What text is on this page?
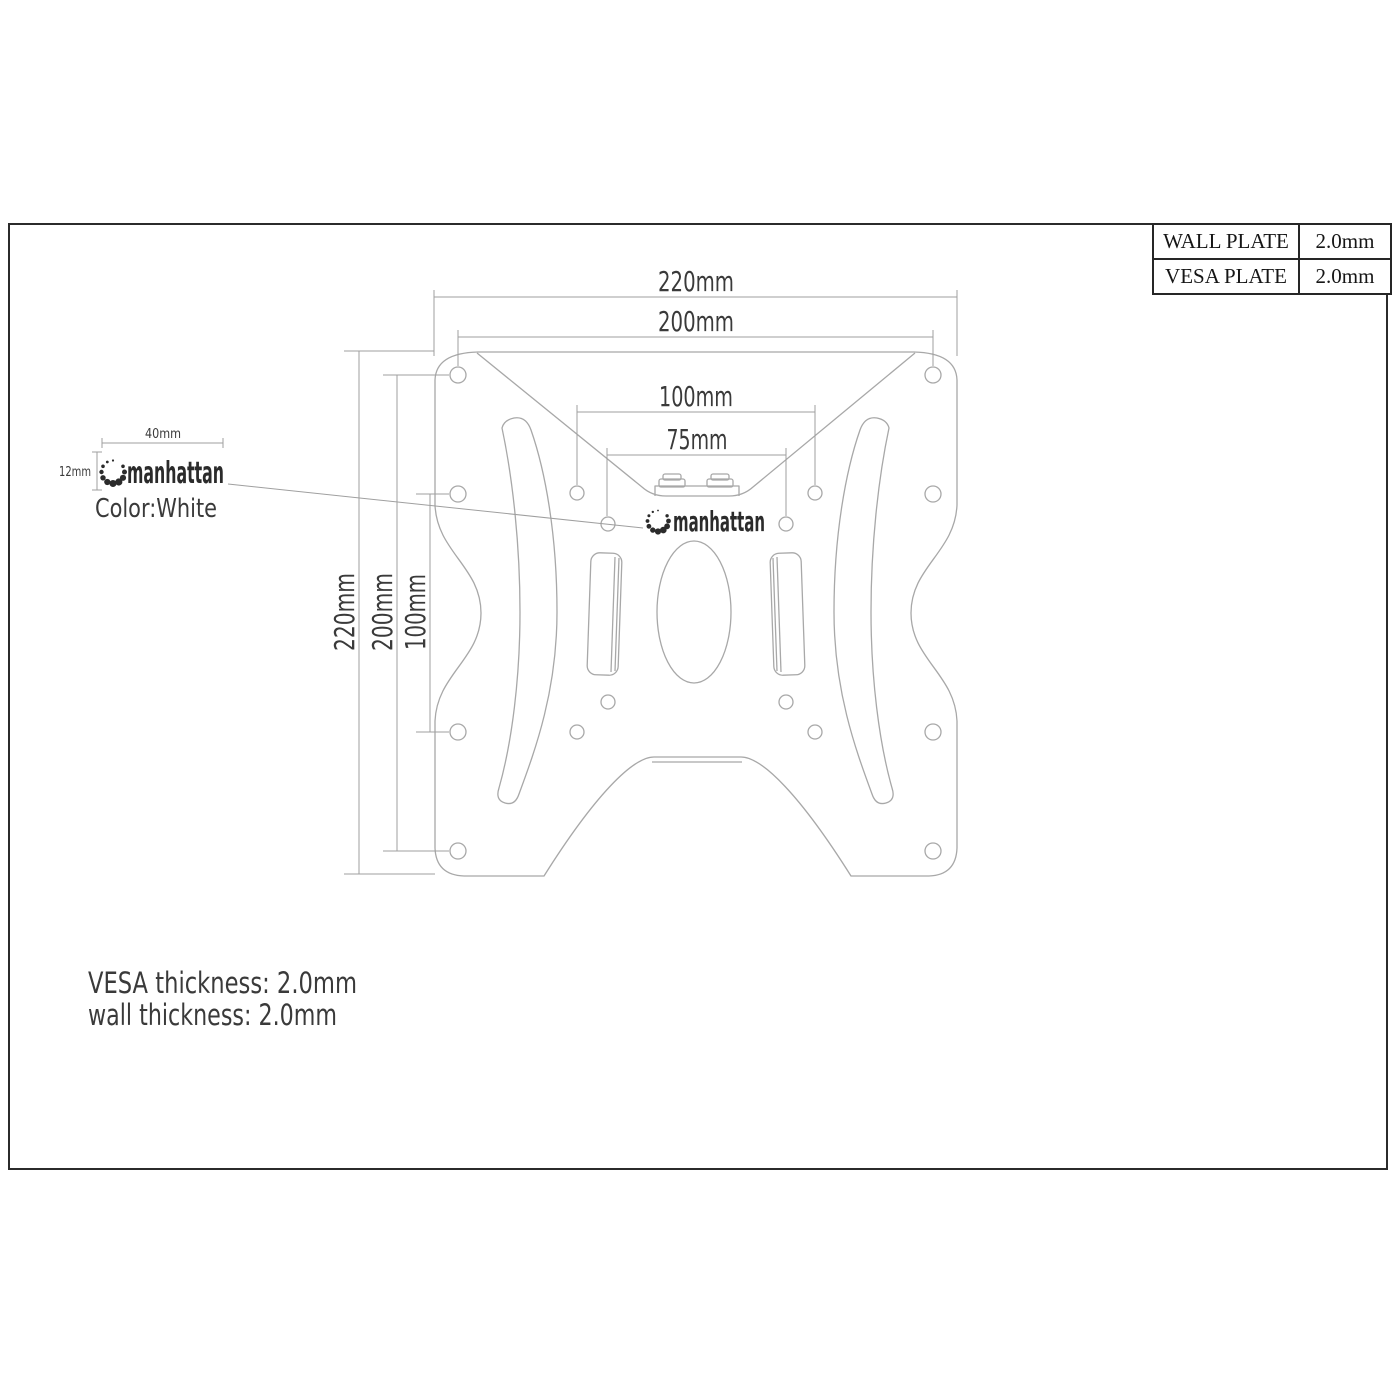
WALL PLATE	2.0mm
VESA PLATE	2.0mm
220mm
200mm
100mm
75mm
220mm 200mm 100mm
40mm
12mm manhattan
Color:White	manhattan
VESA thickness: 2.0mm
wall thickness: 2.0mm
